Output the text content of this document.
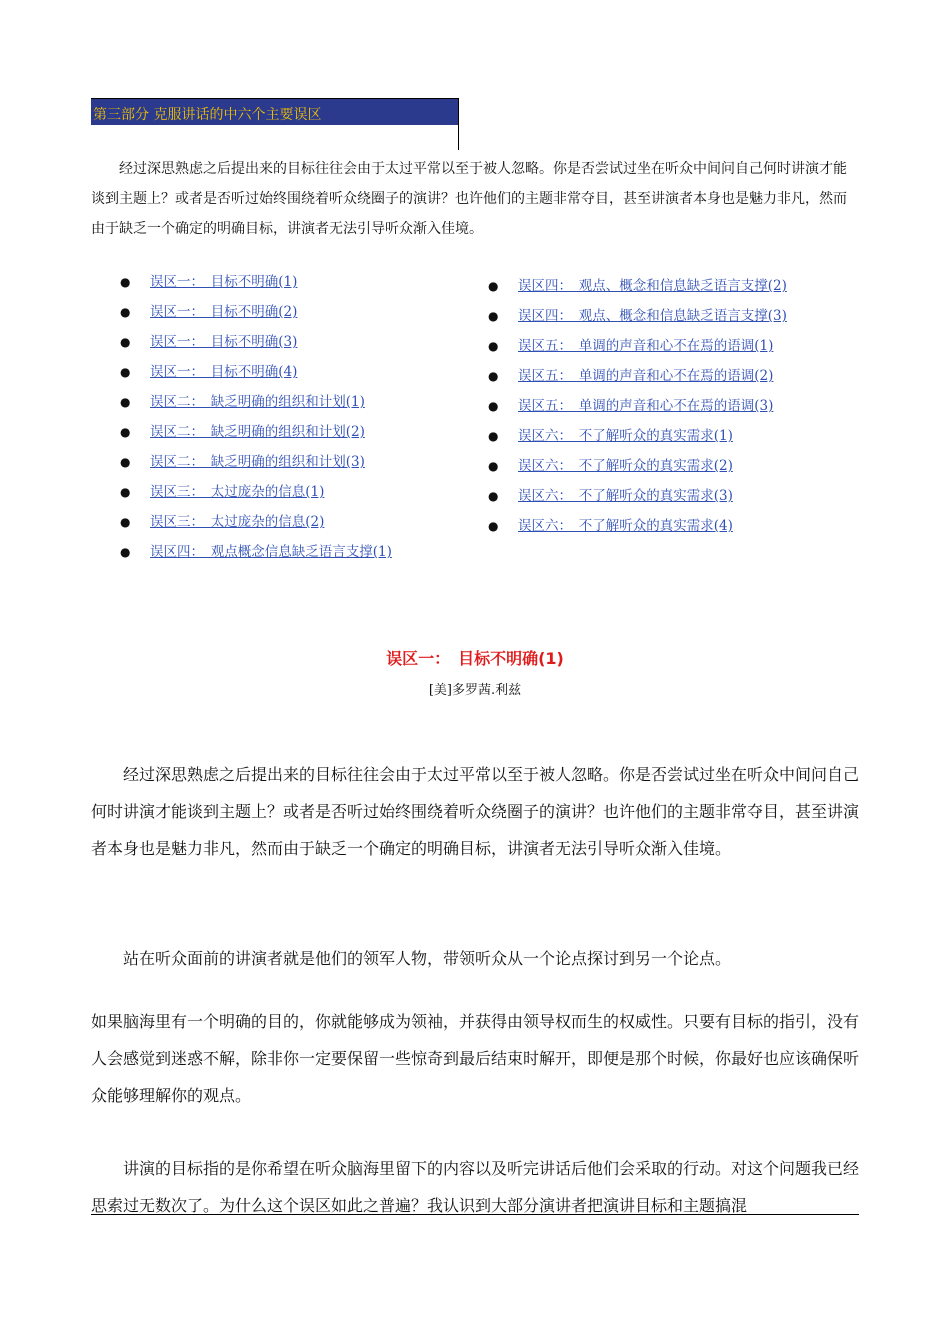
第三部分 克服讲话的中六个主要误区
经过深思熟虑之后提出来的目标往往会由于太过平常以至于被人忽略。你是否尝试过坐在听众中间问自己何时讲演才能谈到主题上？或者是否听过始终围绕着听众绕圈子的演讲？也许他们的主题非常夺目，甚至讲演者本身也是魅力非凡，然而由于缺乏一个确定的明确目标，讲演者无法引导听众渐入佳境。
● 误区一：　目标不明确(1)
● 误区一：　目标不明确(2)
● 误区一：　目标不明确(3)
● 误区一：　目标不明确(4)
● 误区二：　缺乏明确的组织和计划(1)
● 误区二：　缺乏明确的组织和计划(2)
● 误区二：　缺乏明确的组织和计划(3)
● 误区三：　太过庞杂的信息(1)
● 误区三：　太过庞杂的信息(2)
● 误区四：　观点概念信息缺乏语言支撑(1)
● 误区四：　观点、概念和信息缺乏语言支撑(2)
● 误区四：　观点、概念和信息缺乏语言支撑(3)
● 误区五：　单调的声音和心不在焉的语调(1)
● 误区五：　单调的声音和心不在焉的语调(2)
● 误区五：　单调的声音和心不在焉的语调(3)
● 误区六：　不了解听众的真实需求(1)
● 误区六：　不了解听众的真实需求(2)
● 误区六：　不了解听众的真实需求(3)
● 误区六：　不了解听众的真实需求(4)
误区一：　目标不明确(1)
[美]多罗茜.利兹
经过深思熟虑之后提出来的目标往往会由于太过平常以至于被人忽略。你是否尝试过坐在听众中间问自己何时讲演才能谈到主题上？或者是否听过始终围绕着听众绕圈子的演讲？也许他们的主题非常夺目，甚至讲演者本身也是魅力非凡，然而由于缺乏一个确定的明确目标，讲演者无法引导听众渐入佳境。
站在听众面前的讲演者就是他们的领军人物，带领听众从一个论点探讨到另一个论点。
如果脑海里有一个明确的目的，你就能够成为领袖，并获得由领导权而生的权威性。只要有目标的指引，没有人会感觉到迷惑不解，除非你一定要保留一些惊奇到最后结束时解开，即便是那个时候，你最好也应该确保听众能够理解你的观点。
讲演的目标指的是你希望在听众脑海里留下的内容以及听完讲话后他们会采取的行动。对这个问题我已经思索过无数次了。为什么这个误区如此之普遍？我认识到大部分演讲者把演讲目标和主题搞混
